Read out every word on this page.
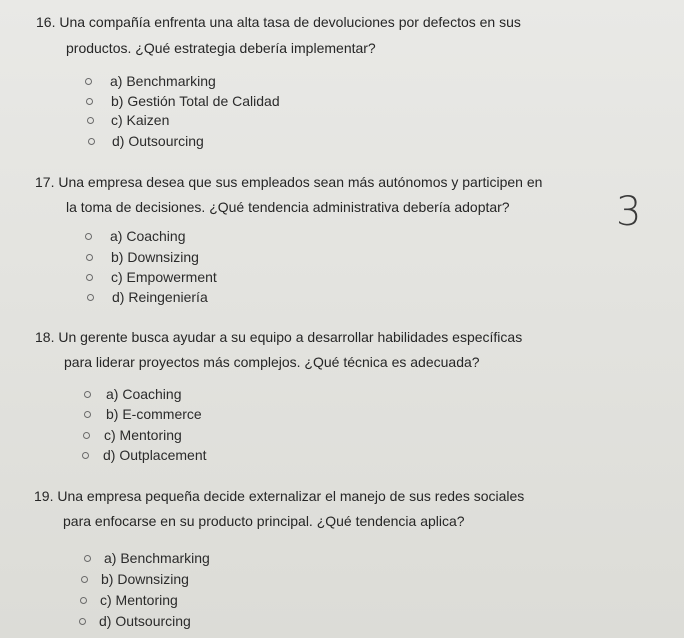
16. Una compañía enfrenta una alta tasa de devoluciones por defectos en sus
productos. ¿Qué estrategia debería implementar?
a) Benchmarking
b) Gestión Total de Calidad
c) Kaizen
d) Outsourcing
17. Una empresa desea que sus empleados sean más autónomos y participen en
la toma de decisiones. ¿Qué tendencia administrativa debería adoptar?
a) Coaching
b) Downsizing
c) Empowerment
d) Reingeniería
3
18. Un gerente busca ayudar a su equipo a desarrollar habilidades específicas
para liderar proyectos más complejos. ¿Qué técnica es adecuada?
a) Coaching
b) E-commerce
c) Mentoring
d) Outplacement
19. Una empresa pequeña decide externalizar el manejo de sus redes sociales
para enfocarse en su producto principal. ¿Qué tendencia aplica?
a) Benchmarking
b) Downsizing
c) Mentoring
d) Outsourcing
